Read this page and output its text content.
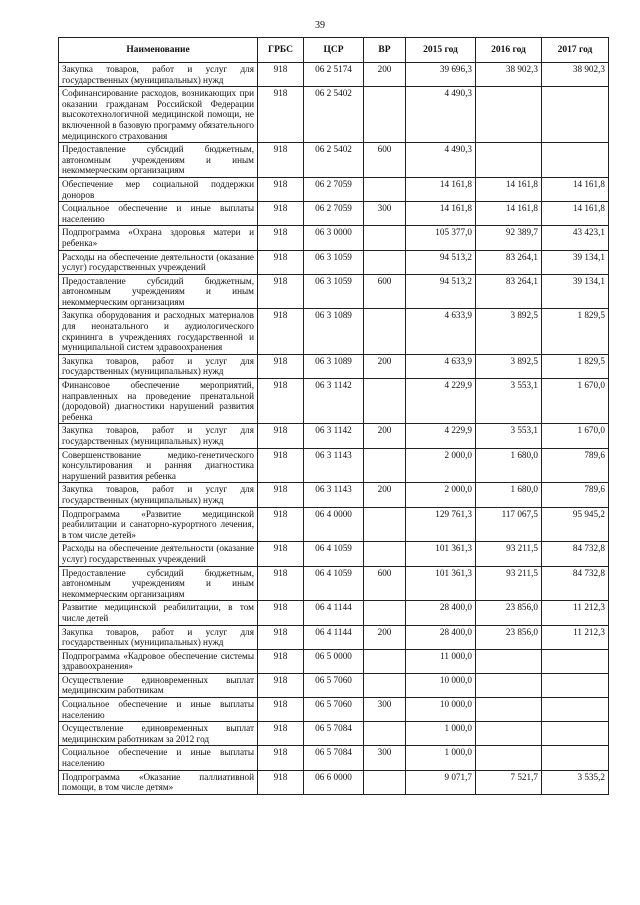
39
Наименование	ГРБС	ЦСР	ВР	2015 год	2016 год	2017 год
Закупка товаров, работ и услуг для государственных (муниципальных) нужд	918	06 2 5174	200	39 696,3	38 902,3	38 902,3
Софинансирование расходов, возникающих при оказании гражданам Российской Федерации высокотехнологичной медицинской помощи, не включенной в базовую программу обязательного медицинского страхования	918	06 2 5402		4 490,3		
Предоставление субсидий бюджетным, автономным учреждениям и иным некоммерческим организациям	918	06 2 5402	600	4 490,3		
Обеспечение мер социальной поддержки доноров	918	06 2 7059		14 161,8	14 161,8	14 161,8
Социальное обеспечение и иные выплаты населению	918	06 2 7059	300	14 161,8	14 161,8	14 161,8
Подпрограмма «Охрана здоровья матери и ребенка»	918	06 3 0000		105 377,0	92 389,7	43 423,1
Расходы на обеспечение деятельности (оказание услуг) государственных учреждений	918	06 3 1059		94 513,2	83 264,1	39 134,1
Предоставление субсидий бюджетным, автономным учреждениям и иным некоммерческим организациям	918	06 3 1059	600	94 513,2	83 264,1	39 134,1
Закупка оборудования и расходных материалов для неонатального и аудиологического скрининга в учреждениях государственной и муниципальной систем здравоохранения	918	06 3 1089		4 633,9	3 892,5	1 829,5
Закупка товаров, работ и услуг для государственных (муниципальных) нужд	918	06 3 1089	200	4 633,9	3 892,5	1 829,5
Финансовое обеспечение мероприятий, направленных на проведение пренатальной (дородовой) диагностики нарушений развития ребенка	918	06 3 1142		4 229,9	3 553,1	1 670,0
Закупка товаров, работ и услуг для государственных (муниципальных) нужд	918	06 3 1142	200	4 229,9	3 553,1	1 670,0
Совершенствование медико-генетического консультирования и ранняя диагностика нарушений развития ребенка	918	06 3 1143		2 000,0	1 680,0	789,6
Закупка товаров, работ и услуг для государственных (муниципальных) нужд	918	06 3 1143	200	2 000,0	1 680,0	789,6
Подпрограмма «Развитие медицинской реабилитации и санаторно-курортного лечения, в том числе детей»	918	06 4 0000		129 761,3	117 067,5	95 945,2
Расходы на обеспечение деятельности (оказание услуг) государственных учреждений	918	06 4 1059		101 361,3	93 211,5	84 732,8
Предоставление субсидий бюджетным, автономным учреждениям и иным некоммерческим организациям	918	06 4 1059	600	101 361,3	93 211,5	84 732,8
Развитие медицинской реабилитации, в том числе детей	918	06 4 1144		28 400,0	23 856,0	11 212,3
Закупка товаров, работ и услуг для государственных (муниципальных) нужд	918	06 4 1144	200	28 400,0	23 856,0	11 212,3
Подпрограмма «Кадровое обеспечение системы здравоохранения»	918	06 5 0000		11 000,0		
Осуществление единовременных выплат медицинским работникам	918	06 5 7060		10 000,0		
Социальное обеспечение и иные выплаты населению	918	06 5 7060	300	10 000,0		
Осуществление единовременных выплат медицинским работникам за 2012 год	918	06 5 7084		1 000,0		
Социальное обеспечение и иные выплаты населению	918	06 5 7084	300	1 000,0		
Подпрограмма «Оказание паллиативной помощи, в том числе детям»	918	06 6 0000		9 071,7	7 521,7	3 535,2
